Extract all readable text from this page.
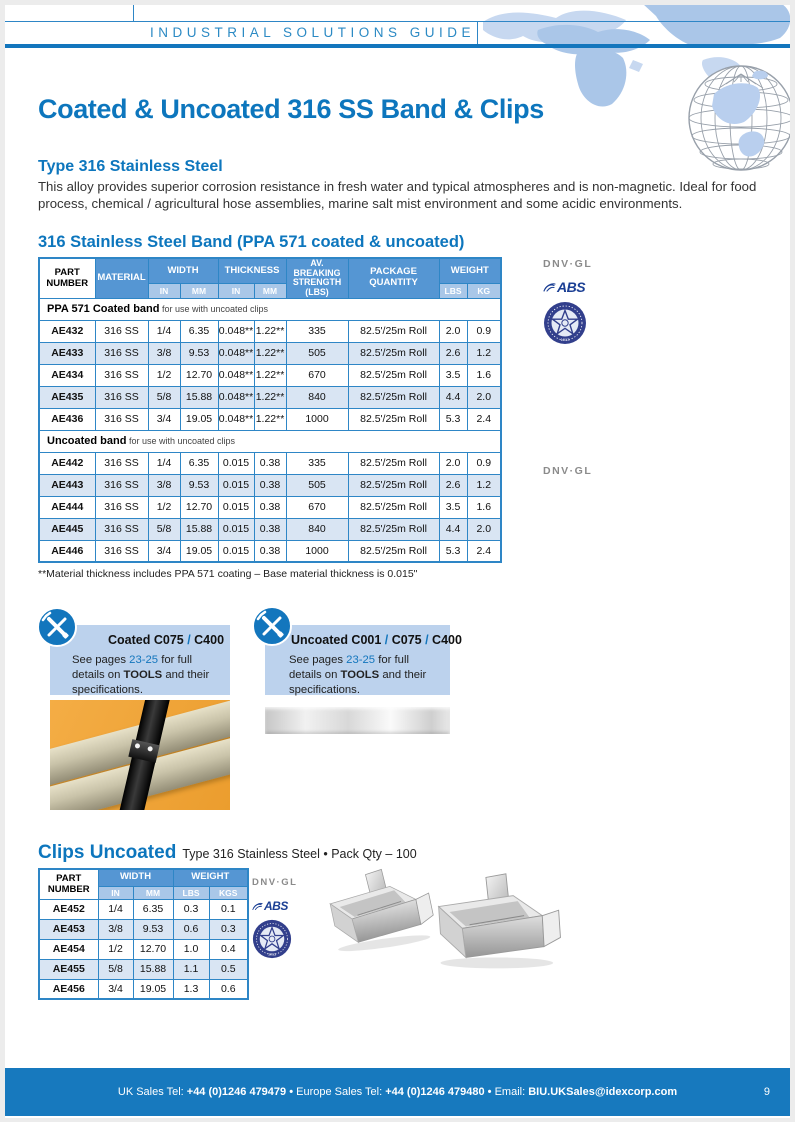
INDUSTRIAL SOLUTIONS GUIDE
Coated & Uncoated 316 SS Band & Clips
Type 316 Stainless Steel

This alloy provides superior corrosion resistance in fresh water and typical atmospheres and is non-magnetic. Ideal for food process, chemical / agricultural hose assemblies, marine salt mist environment and some acidic environments.

316 Stainless Steel Band (PPA 571 coated & uncoated)
PART
NUMBER	MATERIAL	WIDTH		THICKNESS		AV. BREAKING
STRENGTH
(LBS)	PACKAGE
QUANTITY	WEIGHT	
		IN	MM	IN	MM			LBS	KG
PPA 571 Coated band for use with uncoated clips									
AE432	316 SS	1/4	6.35	0.048**	1.22**	335	82.5'/25m Roll	2.0	0.9
AE433	316 SS	3/8	9.53	0.048**	1.22**	505	82.5'/25m Roll	2.6	1.2
AE434	316 SS	1/2	12.70	0.048**	1.22**	670	82.5'/25m Roll	3.5	1.6
AE435	316 SS	5/8	15.88	0.048**	1.22**	840	82.5'/25m Roll	4.4	2.0
AE436	316 SS	3/4	19.05	0.048**	1.22**	1000	82.5'/25m Roll	5.3	2.4
Uncoated band for use with uncoated clips									
AE442	316 SS	1/4	6.35	0.015	0.38	335	82.5'/25m Roll	2.0	0.9
AE443	316 SS	3/8	9.53	0.015	0.38	505	82.5'/25m Roll	2.6	1.2
AE444	316 SS	1/2	12.70	0.015	0.38	670	82.5'/25m Roll	3.5	1.6
AE445	316 SS	5/8	15.88	0.015	0.38	840	82.5'/25m Roll	4.4	2.0
AE446	316 SS	3/4	19.05	0.015	0.38	1000	82.5'/25m Roll	5.3	2.4
**Material thickness includes PPA 571 coating – Base material thickness is 0.015"
DNV·GL
ABS
1913
DNV·GL
Coated C075 / C400
See pages 23-25 for full details on TOOLS and their specifications.
Uncoated C001 / C075 / C400
See pages 23-25 for full details on TOOLS and their specifications.
Clips Uncoated Type 316 Stainless Steel • Pack Qty – 100
PART
NUMBER	WIDTH		WEIGHT	
	IN	MM	LBS	KGS
AE452	1/4	6.35	0.3	0.1
AE453	3/8	9.53	0.6	0.3
AE454	1/2	12.70	1.0	0.4
AE455	5/8	15.88	1.1	0.5
AE456	3/4	19.05	1.3	0.6
DNV·GL
ABS
1913
UK Sales Tel: +44 (0)1246 479479 • Europe Sales Tel: +44 (0)1246 479480 • Email: BIU.UKSales@idexcorp.com	9
